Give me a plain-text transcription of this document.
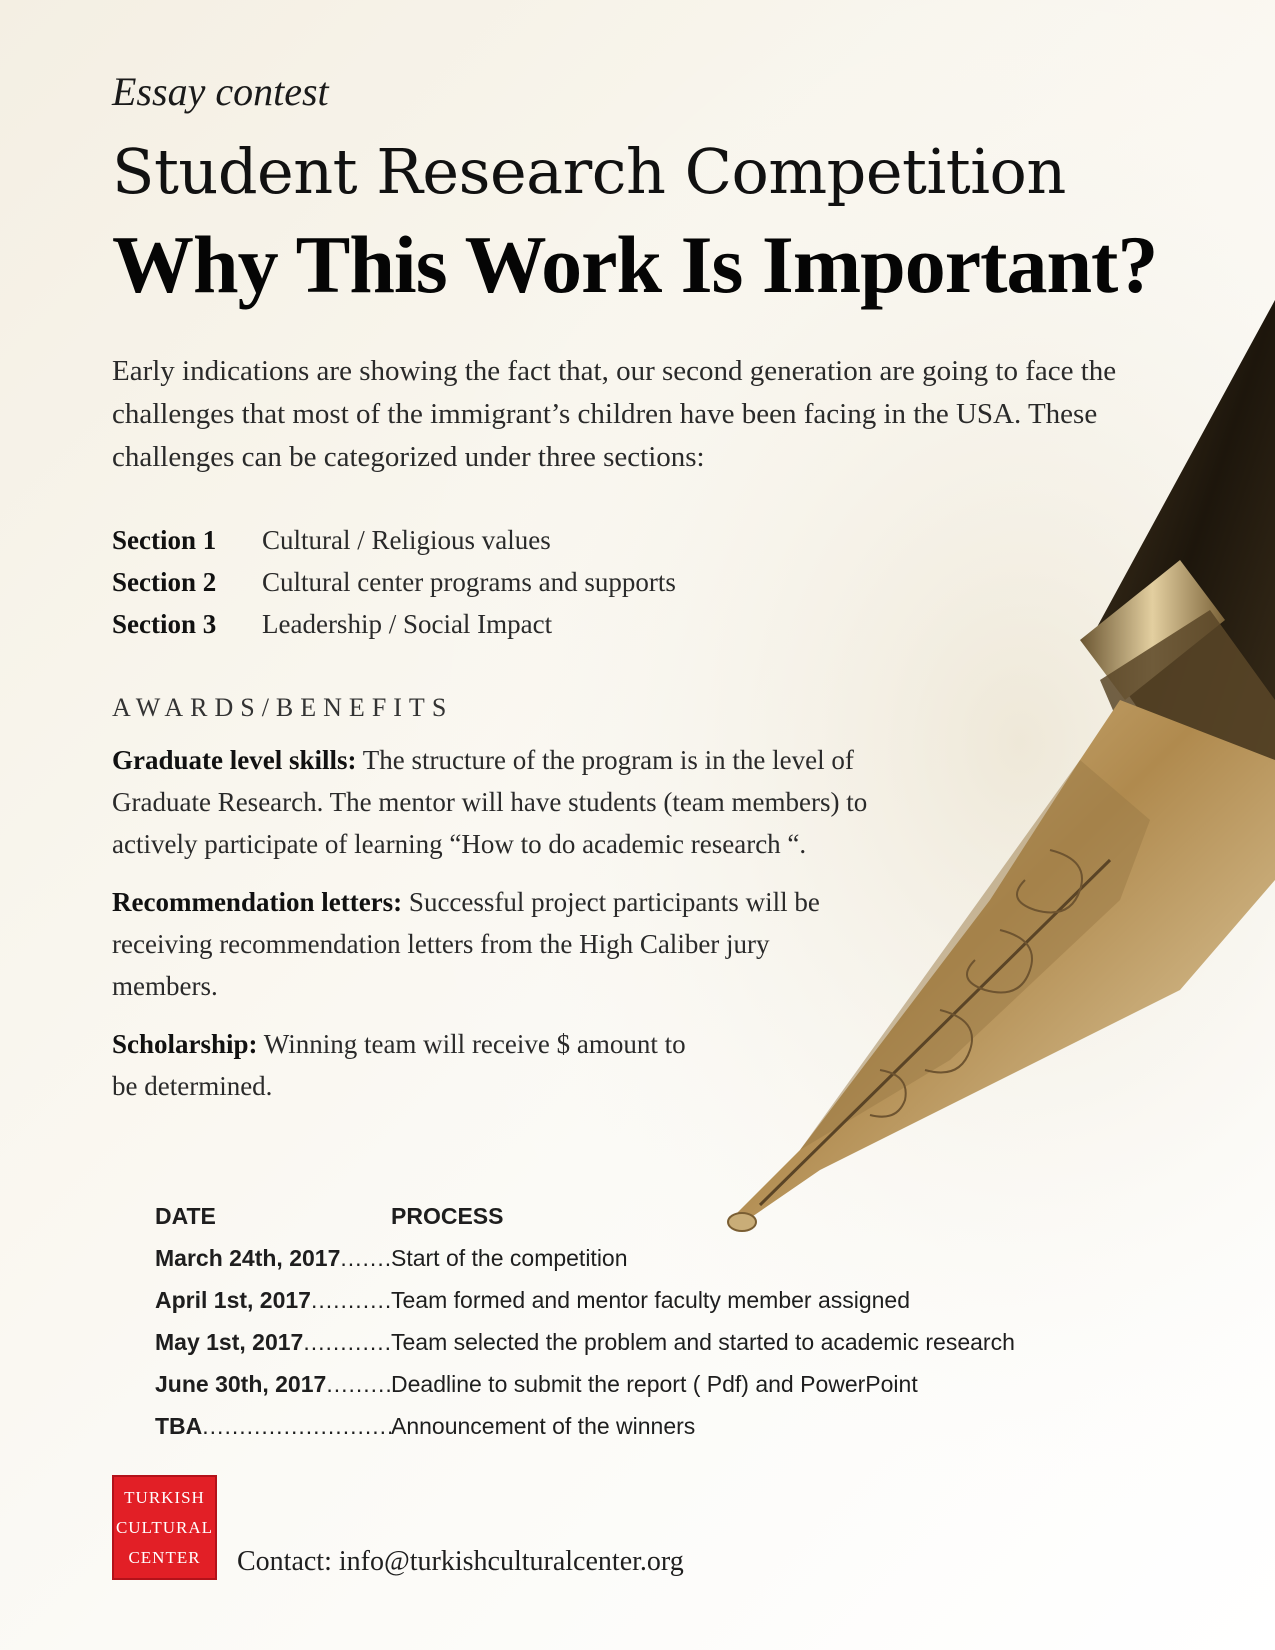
Essay contest

Student Research Competition
Why This Work Is Important?

Early indications are showing the fact that, our second generation are going to face the challenges that most of the immigrant’s children have been facing in the USA. These challenges can be categorized under three sections:

Section 1	Cultural / Religious values
Section 2	Cultural center programs and supports
Section 3	Leadership / Social Impact

AWARDS/BENEFITS

Graduate level skills: The structure of the program is in the level of Graduate Research. The mentor will have students (team members) to actively participate of learning “How to do academic research “.

Recommendation letters: Successful project participants will be receiving recommendation letters from the High Caliber jury members.

Scholarship: Winning team will receive $ amount to be determined.

DATE	PROCESS
March 24th, 2017 ..... Start of the competition
April 1st, 2017 .....	Team formed and mentor faculty member assigned
May 1st, 2017 .....	Team selected the problem and started to academic research
June 30th, 2017 .....	Deadline to submit the report ( Pdf) and PowerPoint
TBA .....	Announcement of the winners
TURKISH
CULTURAL
CENTER	Contact: info@turkishculturalcenter.org
